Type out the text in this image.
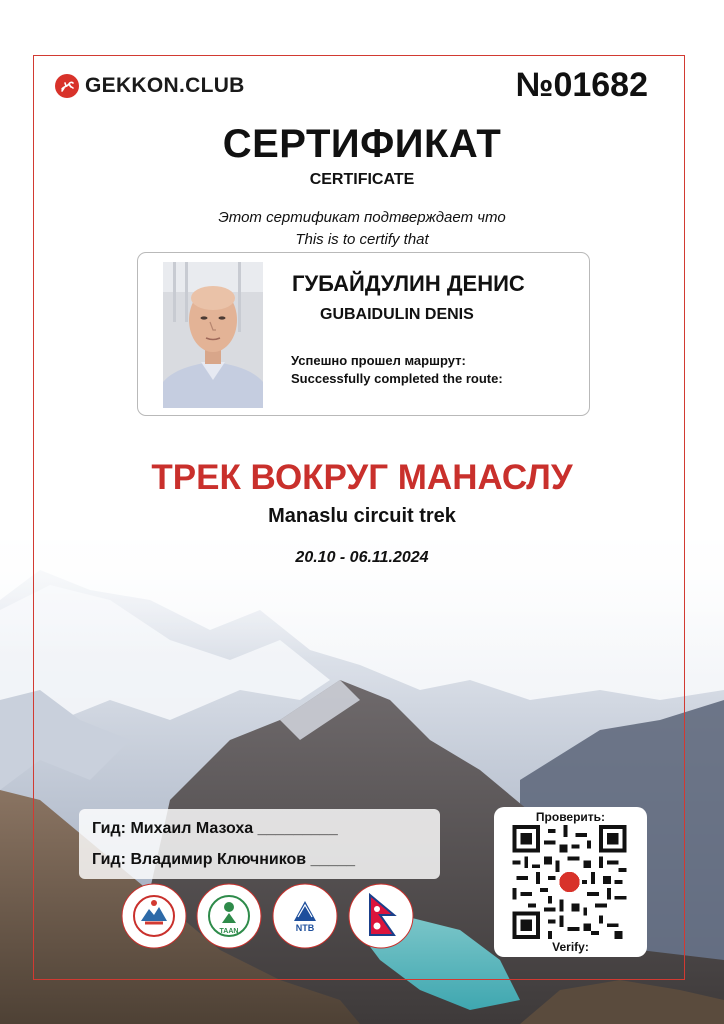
GEKKON.CLUB	№01682
СЕРТИФИКАТ
CERTIFICATE
Этот сертификат подтверждает что
This is to certify that
ГУБАЙДУЛИН ДЕНИС
GUBAIDULIN DENIS
Успешно прошел маршрут:
Successfully completed the route:
ТРЕК ВОКРУГ МАНАСЛУ
Manaslu circuit trek
20.10 - 06.11.2024
Гид: Михаил Мазоха _________
Гид: Владимир Ключников _____
TAAN	NTB
Проверить:
Verify:
